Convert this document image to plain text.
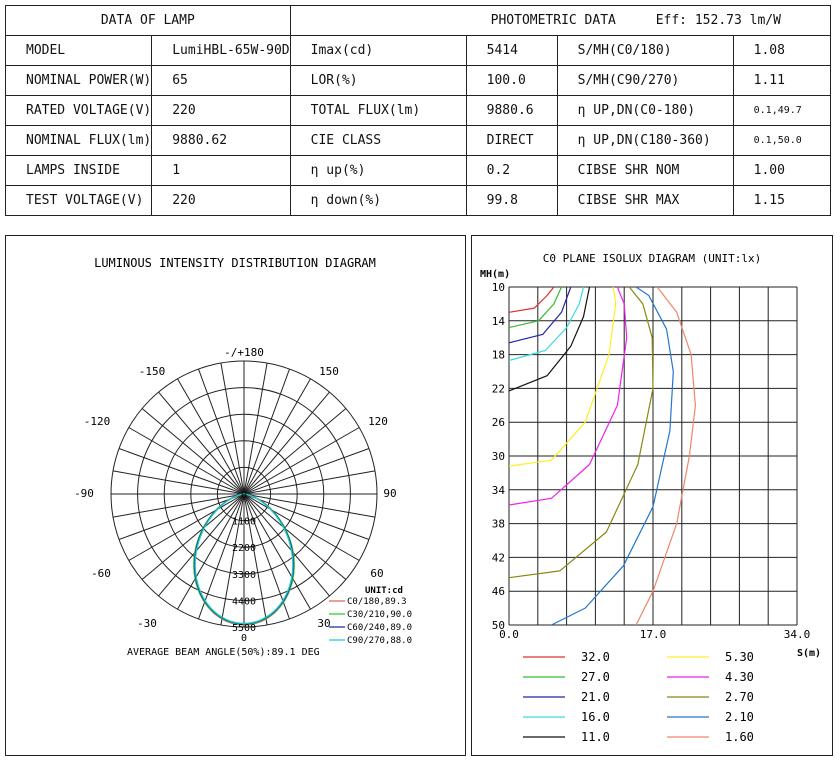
DATA OF LAMP		PHOTOMETRIC DATA Eff: 152.73 lm/W			
MODEL	LumiHBL-65W-90D	Imax(cd)	5414	S/MH(C0/180)	1.08
NOMINAL POWER(W)	65	LOR(%)	100.0	S/MH(C90/270)	1.11
RATED VOLTAGE(V)	220	TOTAL FLUX(lm)	9880.6	η UP,DN(C0-180)	0.1,49.7
NOMINAL FLUX(lm)	9880.62	CIE CLASS	DIRECT	η UP,DN(C180-360)	0.1,50.0
LAMPS INSIDE	1	η up(%)	0.2	CIBSE SHR NOM	1.00
TEST VOLTAGE(V)	220	η down(%)	99.8	CIBSE SHR MAX	1.15
LUMINOUS INTENSITY DISTRIBUTION DIAGRAM
0
1100
2200
3300
4400
5500
-/+180
-150	150
-120	120
-90	90
-60	60
-30	30
0
UNIT:cd
C0/180,89.3
C30/210,90.0
C60/240,89.0
C90/270,88.0
AVERAGE BEAM ANGLE(50%):89.1 DEG
C0 PLANE ISOLUX DIAGRAM (UNIT:lx)
MH(m)
S(m)
10
14
18
22
26
30
34
38
42
46
50
0.0	17.0	34.0
32.0
27.0
21.0
16.0
11.0
5.30
4.30
2.70
2.10
1.60
